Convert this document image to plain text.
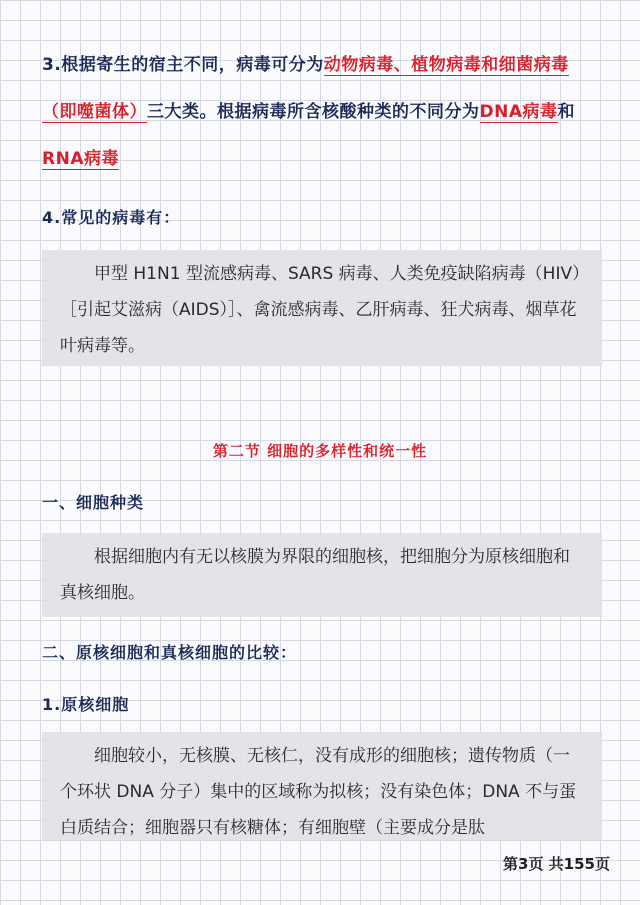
3.根据寄生的宿主不同，病毒可分为动物病毒、植物病毒和细菌病毒（即噬菌体）三大类。根据病毒所含核酸种类的不同分为DNA病毒和RNA病毒
4.常见的病毒有：
甲型 H1N1 型流感病毒、SARS 病毒、人类免疫缺陷病毒（HIV）［引起艾滋病（AIDS）］、禽流感病毒、乙肝病毒、狂犬病毒、烟草花叶病毒等。
第二节 细胞的多样性和统一性
一、细胞种类
根据细胞内有无以核膜为界限的细胞核，把细胞分为原核细胞和真核细胞。
二、原核细胞和真核细胞的比较：
1.原核细胞
细胞较小，无核膜、无核仁，没有成形的细胞核；遗传物质（一个环状 DNA 分子）集中的区域称为拟核；没有染色体；DNA 不与蛋白质结合；细胞器只有核糖体；有细胞壁（主要成分是肽
第3页 共155页
